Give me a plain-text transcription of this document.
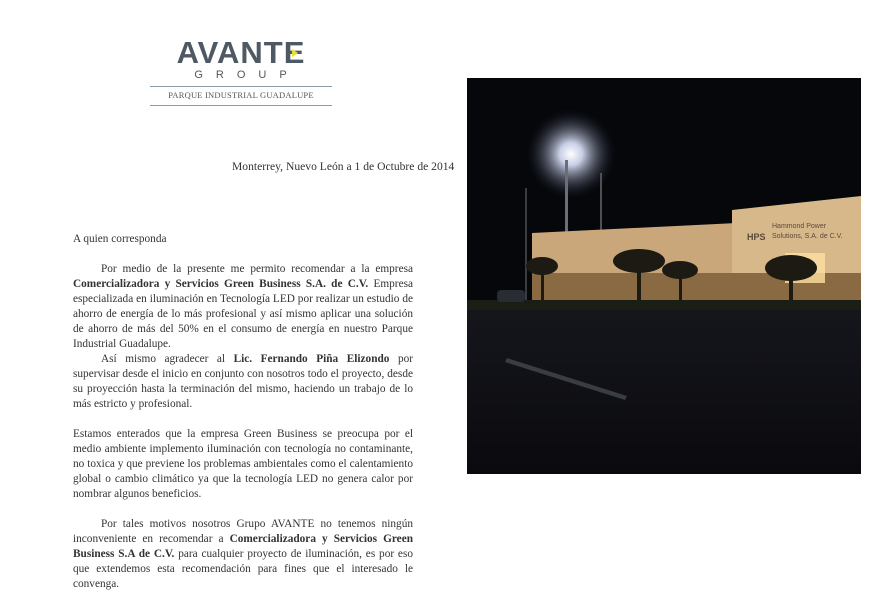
AVANTE
GROUP
PARQUE INDUSTRIAL GUADALUPE
Monterrey, Nuevo León a 1 de Octubre de 2014

A quien corresponda

Por medio de la presente me permito recomendar a la empresa Comercializadora y Servicios Green Business S.A. de C.V. Empresa especializada en iluminación en Tecnología LED por realizar un estudio de ahorro de energía de lo más profesional y así mismo aplicar una solución de ahorro de más del 50% en el consumo de energía en nuestro Parque Industrial Guadalupe.

Así mismo agradecer al Lic. Fernando Piña Elizondo por supervisar desde el inicio en conjunto con nosotros todo el proyecto, desde su proyección hasta la terminación del mismo, haciendo un trabajo de lo más estricto y profesional.

Estamos enterados que la empresa Green Business se preocupa por el medio ambiente implemento iluminación con tecnología no contaminante, no toxica y que previene los problemas ambientales como el calentamiento global o cambio climático ya que la tecnología LED no genera calor por nombrar algunos beneficios.

Por tales motivos nosotros Grupo AVANTE no tenemos ningún inconveniente en recomendar a Comercializadora y Servicios Green Business S.A de C.V. para cualquier proyecto de iluminación, es por eso que extendemos esta recomendación para fines que el interesado le convenga.

HPS
Hammond Power
Solutions, S.A. de C.V.
